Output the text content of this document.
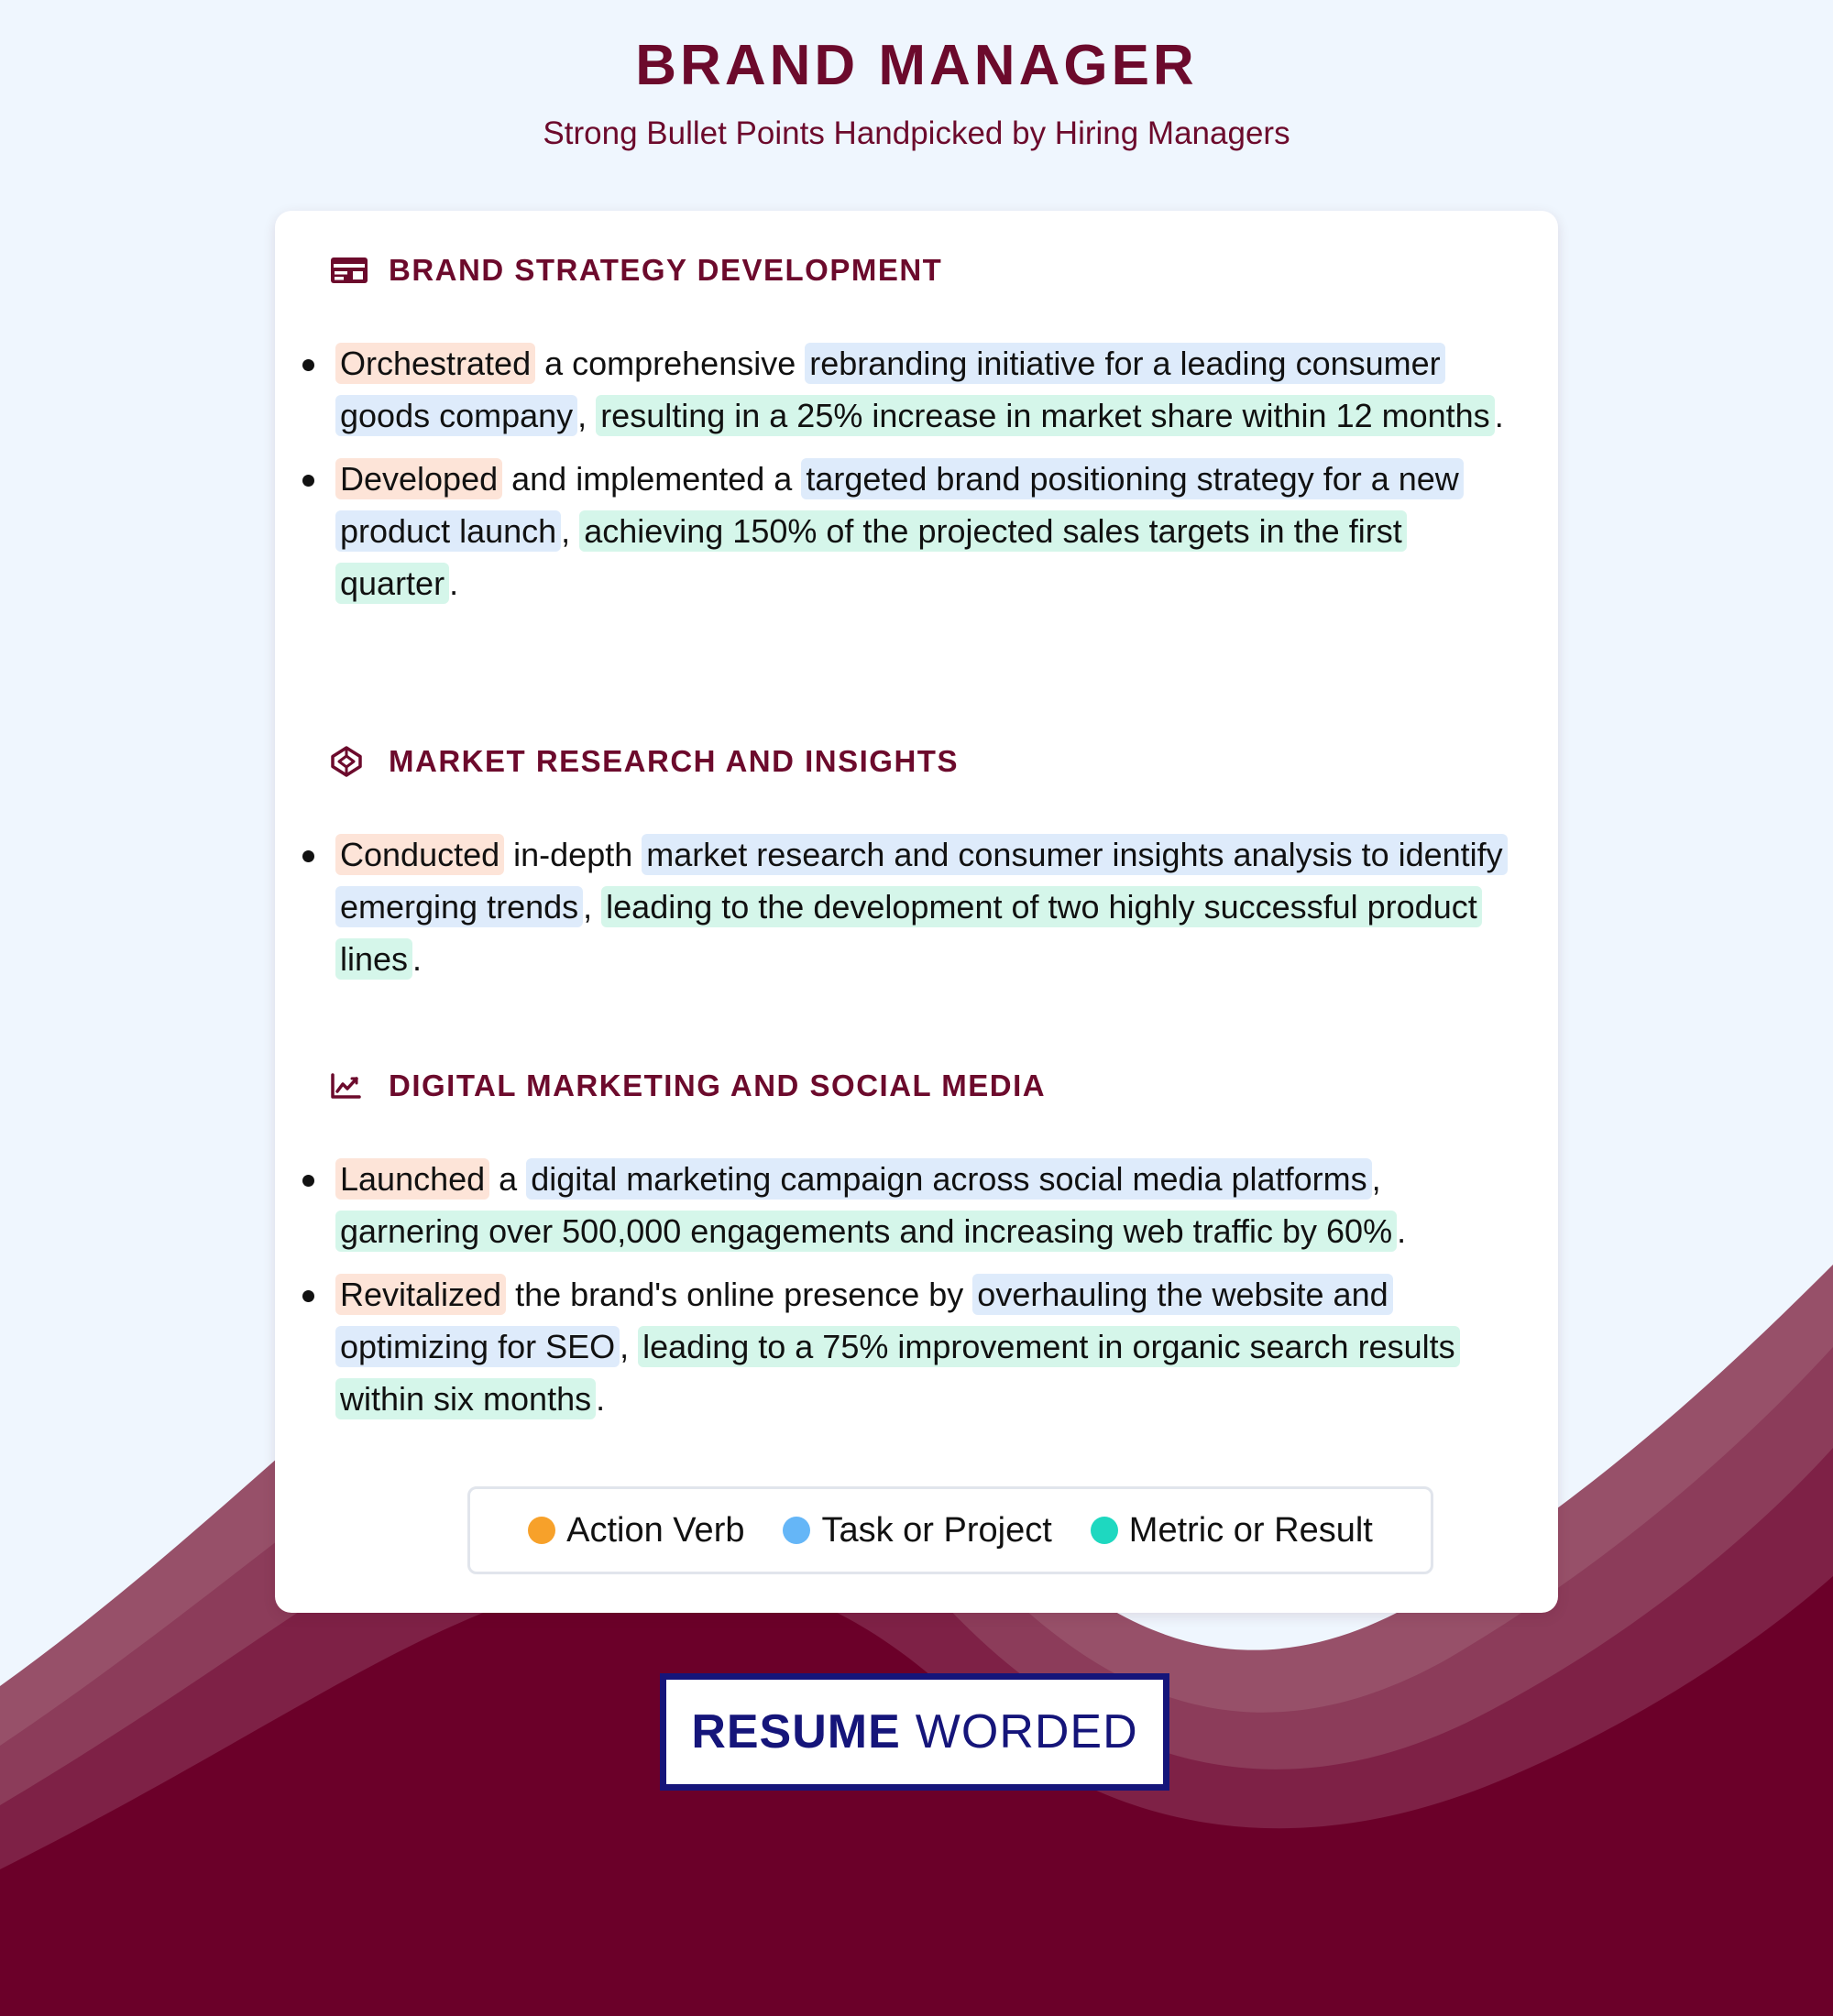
BRAND MANAGER
Strong Bullet Points Handpicked by Hiring Managers
BRAND STRATEGY DEVELOPMENT
Orchestrated a comprehensive rebranding initiative for a leading consumer goods company , resulting in a 25% increase in market share within 12 months .
Developed and implemented a targeted brand positioning strategy for a new product launch , achieving 150% of the projected sales targets in the first quarter .
MARKET RESEARCH AND INSIGHTS
Conducted in-depth market research and consumer insights analysis to identify emerging trends , leading to the development of two highly successful product lines .
DIGITAL MARKETING AND SOCIAL MEDIA
Launched a digital marketing campaign across social media platforms , garnering over 500,000 engagements and increasing web traffic by 60% .
Revitalized the brand's online presence by overhauling the website and optimizing for SEO , leading to a 75% improvement in organic search results within six months .
Action Verb Task or Project Metric or Result
RESUME WORDED
